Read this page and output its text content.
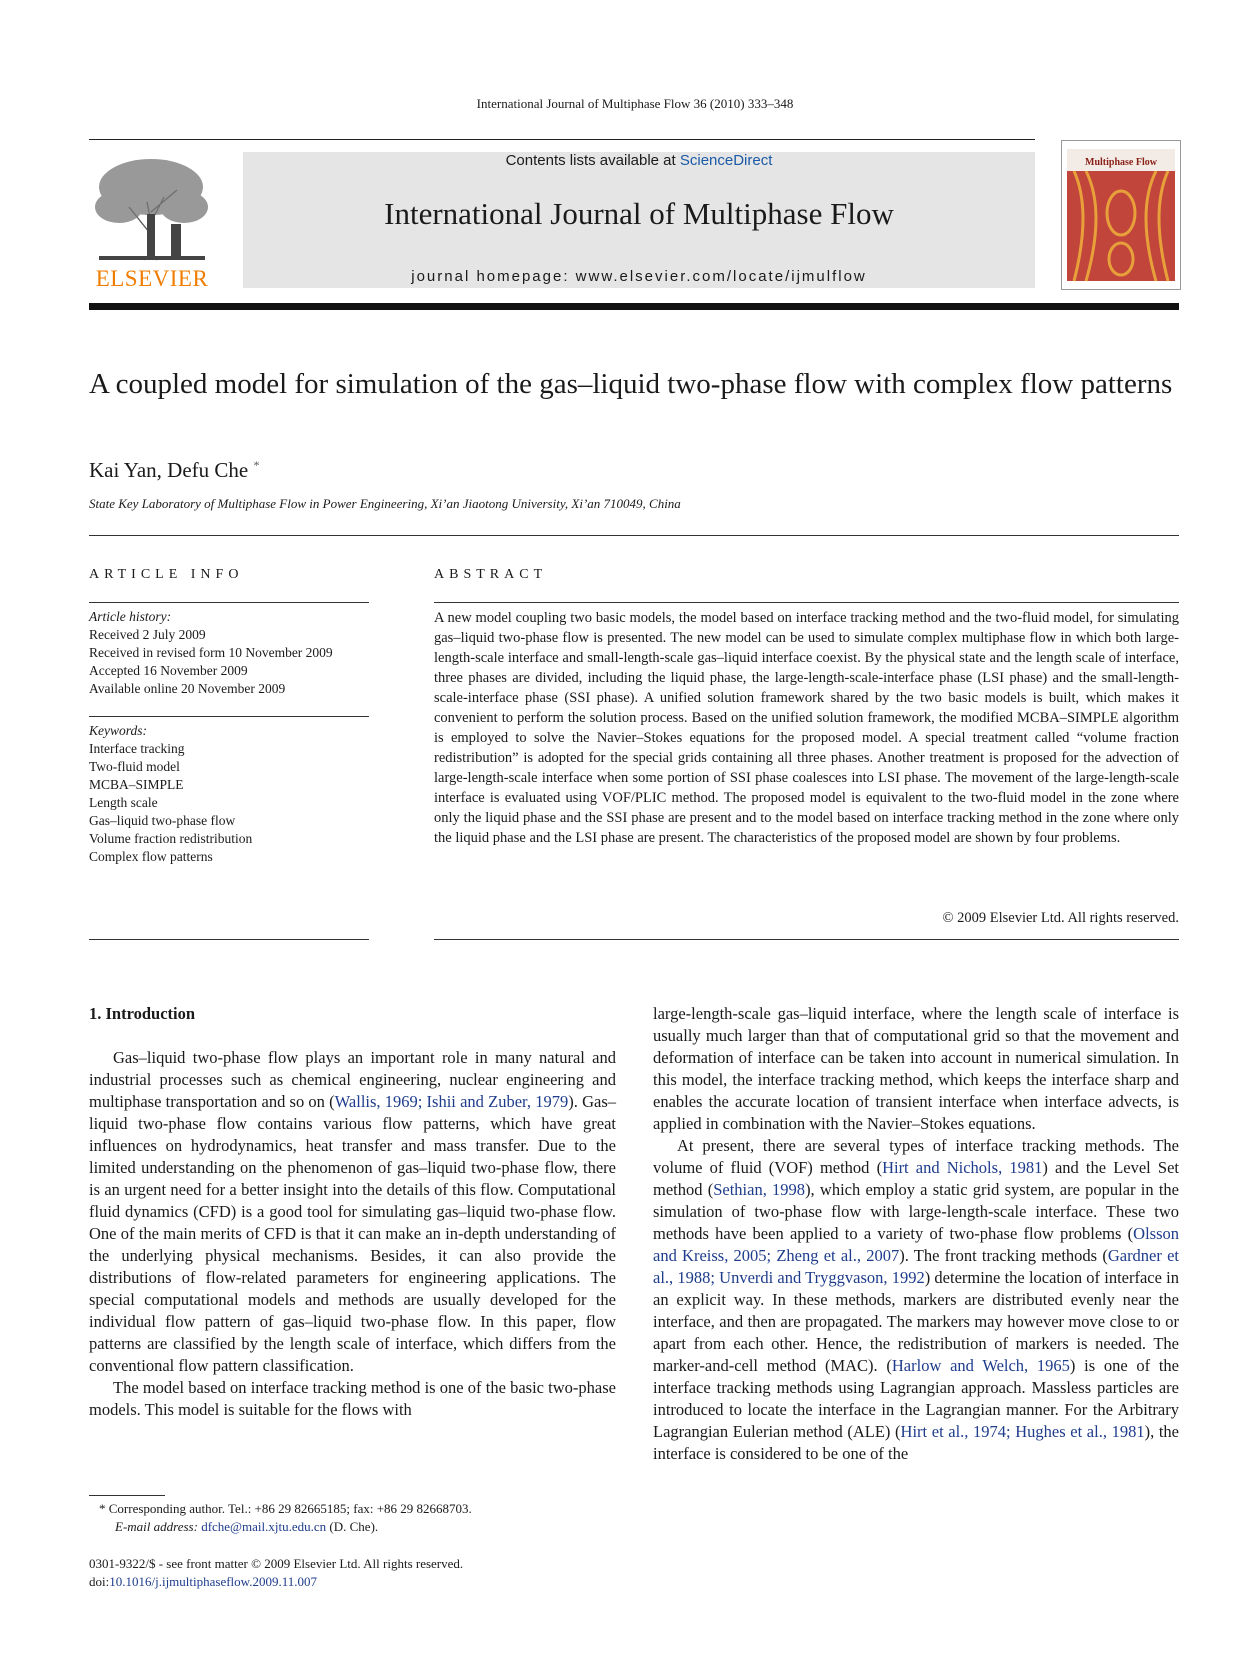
International Journal of Multiphase Flow 36 (2010) 333–348
ELSEVIER
Contents lists available at ScienceDirect
International Journal of Multiphase Flow
journal homepage: www.elsevier.com/locate/ijmulflow
Multiphase Flow
A coupled model for simulation of the gas–liquid two-phase flow with complex flow patterns
Kai Yan, Defu Che *
State Key Laboratory of Multiphase Flow in Power Engineering, Xi’an Jiaotong University, Xi’an 710049, China
ARTICLE INFO
Article history:
Received 2 July 2009
Received in revised form 10 November 2009
Accepted 16 November 2009
Available online 20 November 2009
Keywords:
Interface tracking
Two-fluid model
MCBA–SIMPLE
Length scale
Gas–liquid two-phase flow
Volume fraction redistribution
Complex flow patterns
ABSTRACT
A new model coupling two basic models, the model based on interface tracking method and the two-fluid model, for simulating gas–liquid two-phase flow is presented. The new model can be used to simulate complex multiphase flow in which both large-length-scale interface and small-length-scale gas–liquid interface coexist. By the physical state and the length scale of interface, three phases are divided, including the liquid phase, the large-length-scale-interface phase (LSI phase) and the small-length-scale-interface phase (SSI phase). A unified solution framework shared by the two basic models is built, which makes it convenient to perform the solution process. Based on the unified solution framework, the modified MCBA–SIMPLE algorithm is employed to solve the Navier–Stokes equations for the proposed model. A special treatment called “volume fraction redistribution” is adopted for the special grids containing all three phases. Another treatment is proposed for the advection of large-length-scale interface when some portion of SSI phase coalesces into LSI phase. The movement of the large-length-scale interface is evaluated using VOF/PLIC method. The proposed model is equivalent to the two-fluid model in the zone where only the liquid phase and the SSI phase are present and to the model based on interface tracking method in the zone where only the liquid phase and the LSI phase are present. The characteristics of the proposed model are shown by four problems.
© 2009 Elsevier Ltd. All rights reserved.
1. Introduction

Gas–liquid two-phase flow plays an important role in many natural and industrial processes such as chemical engineering, nuclear engineering and multiphase transportation and so on (Wallis, 1969; Ishii and Zuber, 1979). Gas–liquid two-phase flow contains various flow patterns, which have great influences on hydrodynamics, heat transfer and mass transfer. Due to the limited understanding on the phenomenon of gas–liquid two-phase flow, there is an urgent need for a better insight into the details of this flow. Computational fluid dynamics (CFD) is a good tool for simulating gas–liquid two-phase flow. One of the main merits of CFD is that it can make an in-depth understanding of the underlying physical mechanisms. Besides, it can also provide the distributions of flow-related parameters for engineering applications. The special computational models and methods are usually developed for the individual flow pattern of gas–liquid two-phase flow. In this paper, flow patterns are classified by the length scale of interface, which differs from the conventional flow pattern classification.

The model based on interface tracking method is one of the basic two-phase models. This model is suitable for the flows with

large-length-scale gas–liquid interface, where the length scale of interface is usually much larger than that of computational grid so that the movement and deformation of interface can be taken into account in numerical simulation. In this model, the interface tracking method, which keeps the interface sharp and enables the accurate location of transient interface when interface advects, is applied in combination with the Navier–Stokes equations.

At present, there are several types of interface tracking methods. The volume of fluid (VOF) method (Hirt and Nichols, 1981) and the Level Set method (Sethian, 1998), which employ a static grid system, are popular in the simulation of two-phase flow with large-length-scale interface. These two methods have been applied to a variety of two-phase flow problems (Olsson and Kreiss, 2005; Zheng et al., 2007). The front tracking methods (Gardner et al., 1988; Unverdi and Tryggvason, 1992) determine the location of interface in an explicit way. In these methods, markers are distributed evenly near the interface, and then are propagated. The markers may however move close to or apart from each other. Hence, the redistribution of markers is needed. The marker-and-cell method (MAC). (Harlow and Welch, 1965) is one of the interface tracking methods using Lagrangian approach. Massless particles are introduced to locate the interface in the Lagrangian manner. For the Arbitrary Lagrangian Eulerian method (ALE) (Hirt et al., 1974; Hughes et al., 1981), the interface is considered to be one of the

* Corresponding author. Tel.: +86 29 82665185; fax: +86 29 82668703.
E-mail address: dfche@mail.xjtu.edu.cn (D. Che).
0301-9322/$ - see front matter © 2009 Elsevier Ltd. All rights reserved.
doi:10.1016/j.ijmultiphaseflow.2009.11.007
